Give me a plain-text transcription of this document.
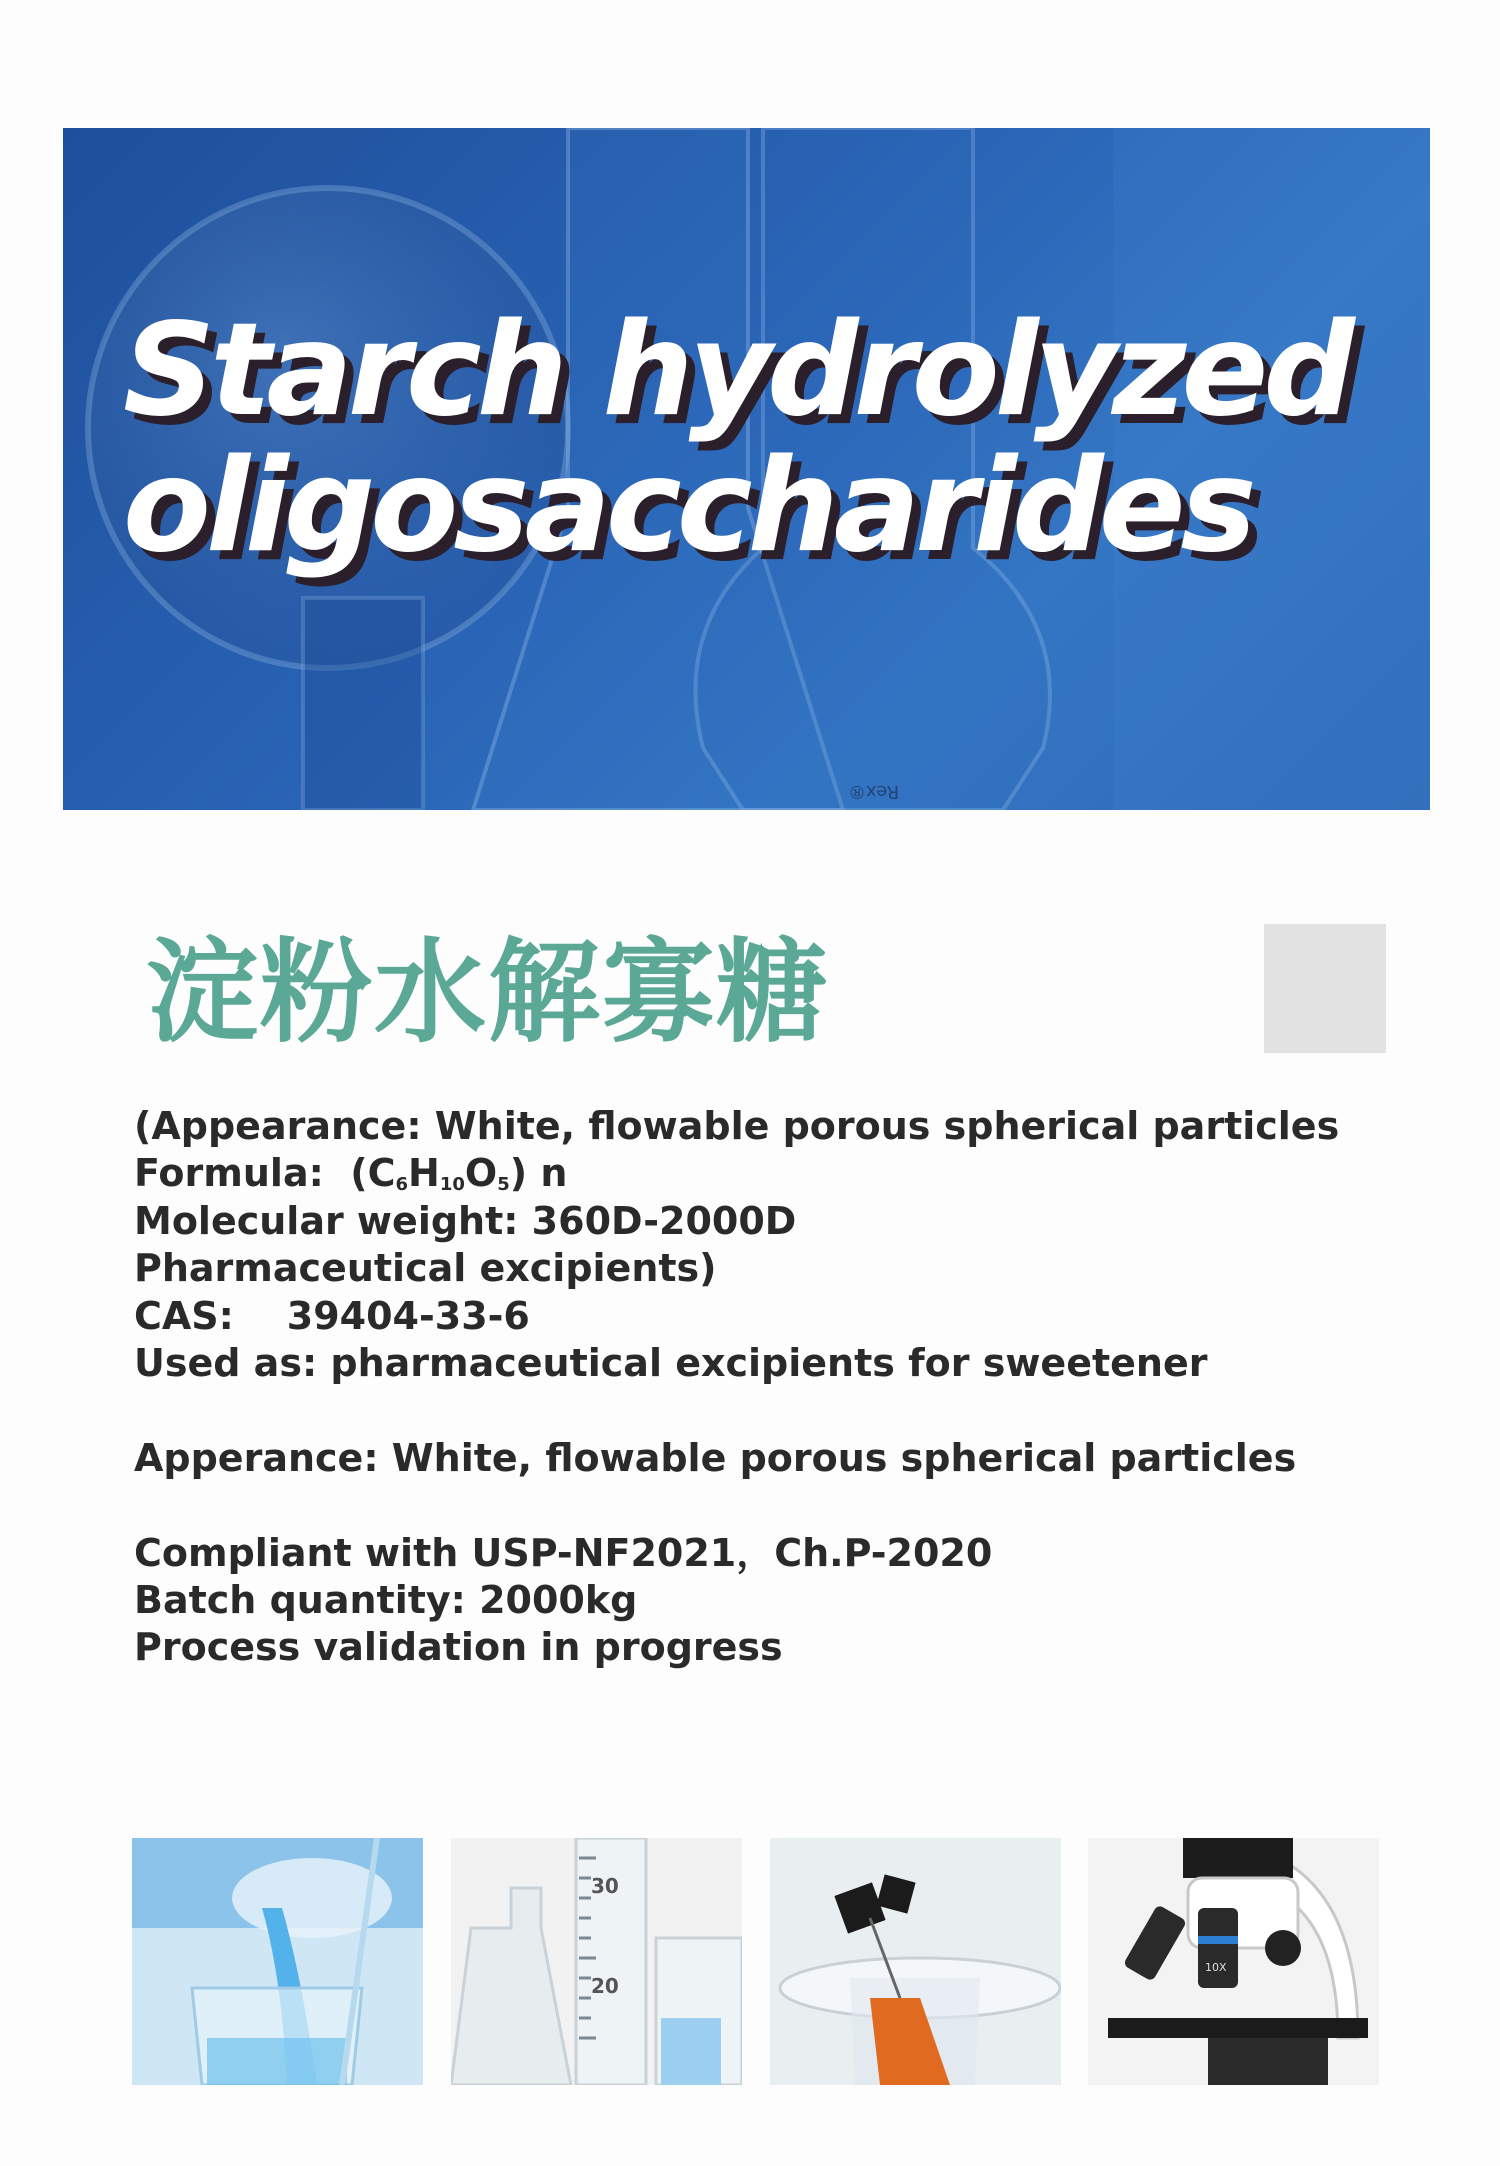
Starch hydrolyzed
oligosaccharides
Rex®
淀粉水解寡糖
(Appearance: White, flowable porous spherical particles
Formula: $(C_6H_{10}O_5)$ n
Molecular weight: 360D-2000D
Pharmaceutical excipients)
CAS: 39404-33-6
Used as: pharmaceutical excipients for sweetener
Apperance: White, flowable porous spherical particles
Compliant with USP-NF2021，Ch.P-2020
Batch quantity: 2000kg
Process validation in progress
30
20
10X
